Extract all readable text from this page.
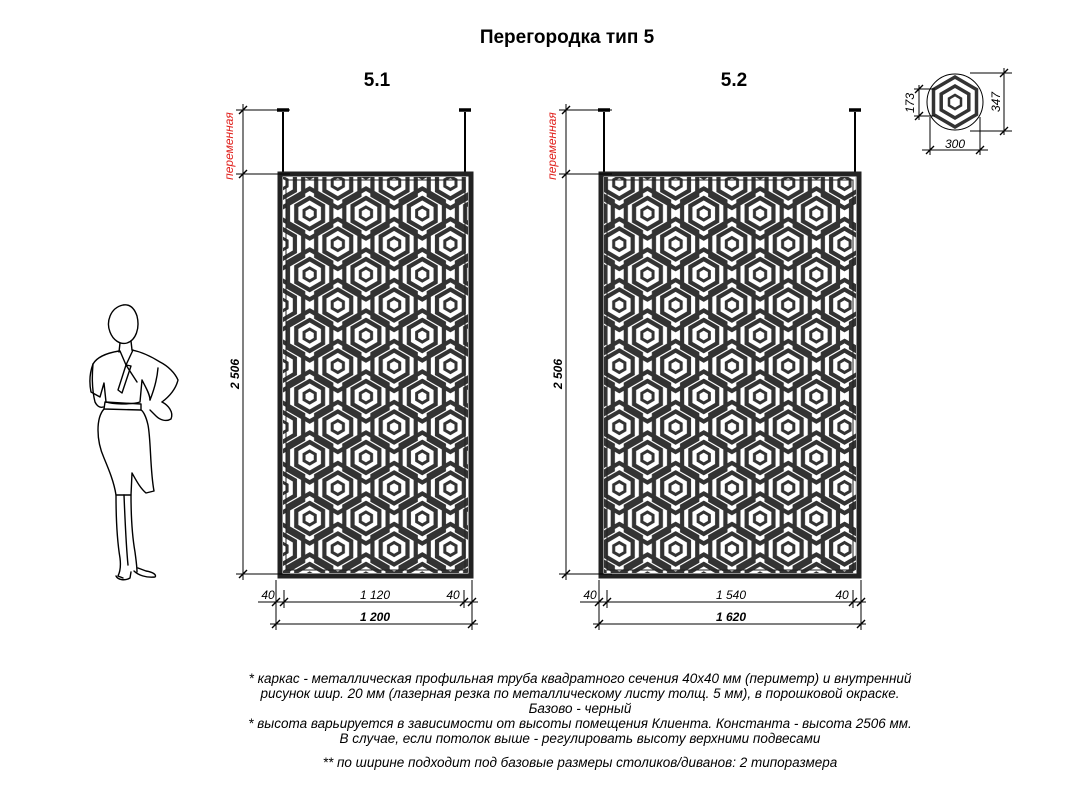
Перегородка тип 5
5.1
переменная
2 506
40	1 120	40
1 200
5.2
переменная
2 506
40	1 540	40
1 620
173	347
300
* каркас - металлическая профильная труба квадратного сечения 40х40 мм (периметр) и внутренний
рисунок шир. 20 мм (лазерная резка по металлическому листу толщ. 5 мм), в порошковой окраске.
Базово - черный
* высота варьируется в зависимости от высоты помещения Клиента. Константа - высота 2506 мм.
В случае, если потолок выше - регулировать высоту верхними подвесами
** по ширине подходит под базовые размеры столиков/диванов: 2 типоразмера
